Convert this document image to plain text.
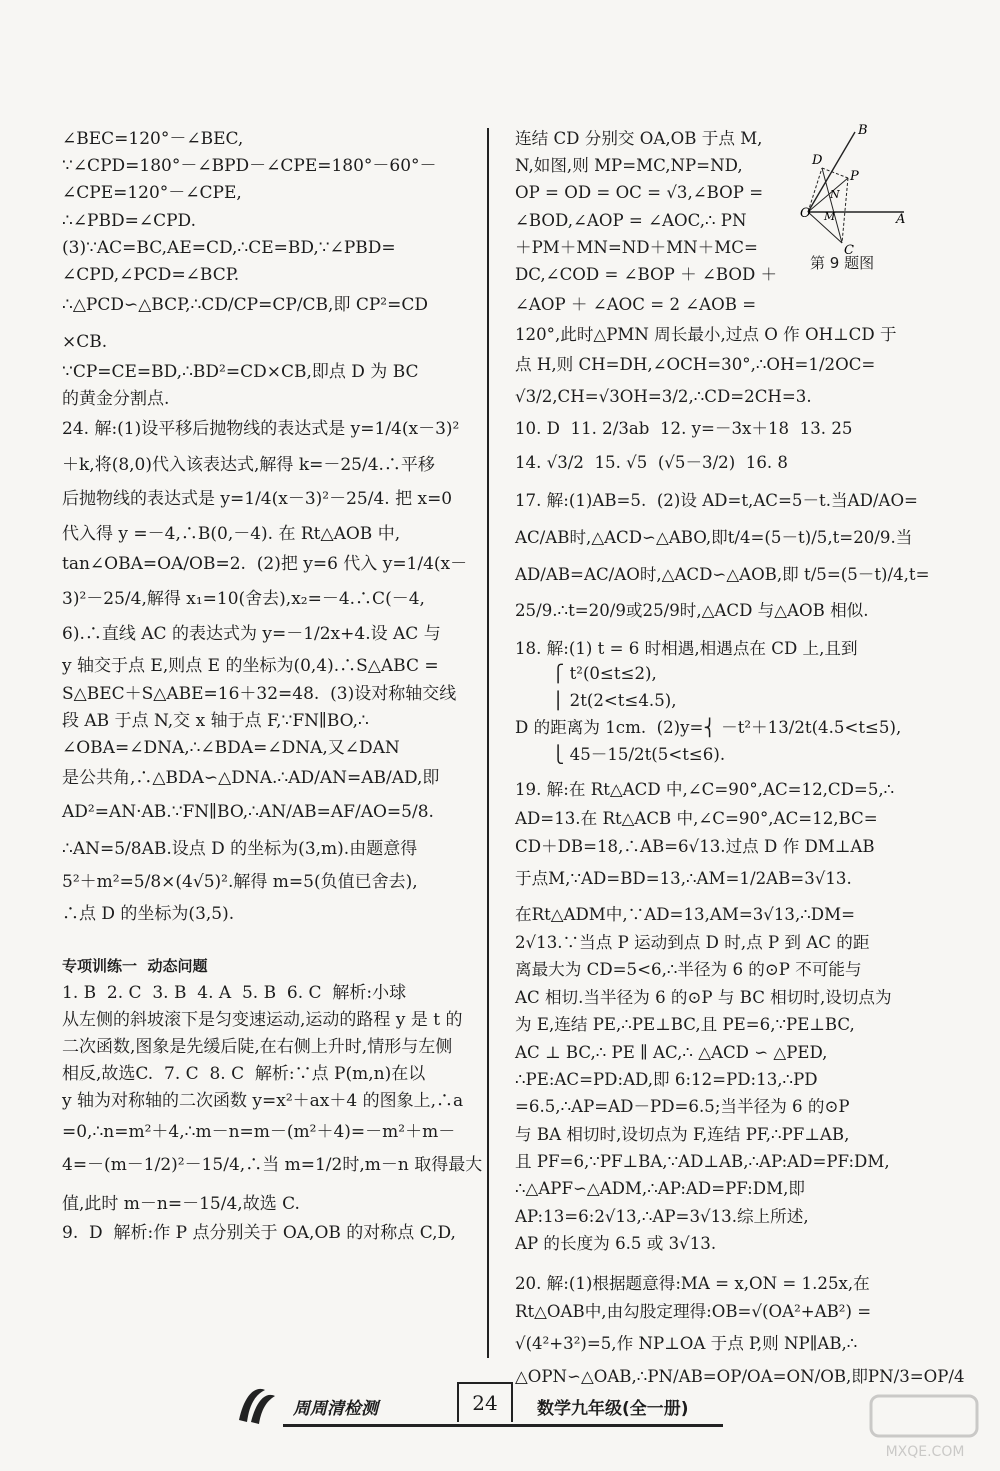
∠BEC=120°－∠BEC,
∵∠CPD=180°－∠BPD－∠CPE=180°－60°－
∠CPE=120°－∠CPE,
∴∠PBD=∠CPD.
(3)∵AC=BC,AE=CD,∴CE=BD,∵∠PBD=
∠CPD,∠PCD=∠BCP.
∴△PCD∽△BCP,∴CD/CP=CP/CB,即 CP²=CD
×CB.
∵CP=CE=BD,∴BD²=CD×CB,即点 D 为 BC
的黄金分割点.
24. 解:(1)设平移后抛物线的表达式是 y=1/4(x－3)²
＋k,将(8,0)代入该表达式,解得 k=－25/4.∴平移
后抛物线的表达式是 y=1/4(x－3)²－25/4. 把 x=0
代入得 y =－4,∴B(0,－4). 在 Rt△AOB 中,
tan∠OBA=OA/OB=2.  (2)把 y=6 代入 y=1/4(x－
3)²－25/4,解得 x₁=10(舍去),x₂=－4.∴C(－4,
6).∴直线 AC 的表达式为 y=－1/2x+4.设 AC 与
y 轴交于点 E,则点 E 的坐标为(0,4).∴S△ABC =
S△BEC＋S△ABE=16＋32=48.  (3)设对称轴交线
段 AB 于点 N,交 x 轴于点 F,∵FN∥BO,∴
∠OBA=∠DNA,∴∠BDA=∠DNA,又∠DAN
是公共角,∴△BDA∽△DNA.∴AD/AN=AB/AD,即
AD²=AN·AB.∵FN∥BO,∴AN/AB=AF/AO=5/8.
∴AN=5/8AB.设点 D 的坐标为(3,m).由题意得
5²＋m²=5/8×(4√5)².解得 m=5(负值已舍去),
∴点 D 的坐标为(3,5).
专项训练一  动态问题
1. B  2. C  3. B  4. A  5. B  6. C  解析:小球
从左侧的斜坡滚下是匀变速运动,运动的路程 y 是 t 的
二次函数,图象是先缓后陡,在右侧上升时,情形与左侧
相反,故选C.  7. C  8. C  解析:∵点 P(m,n)在以
y 轴为对称轴的二次函数 y=x²＋ax＋4 的图象上,∴a
=0,∴n=m²＋4,∴m－n=m－(m²＋4)=－m²＋m－
4=－(m－1/2)²－15/4,∴当 m=1/2时,m－n 取得最大
值,此时 m－n=－15/4,故选 C.
9.  D  解析:作 P 点分别关于 OA,OB 的对称点 C,D,
连结 CD 分别交 OA,OB 于点 M,
N,如图,则 MP=MC,NP=ND,
OP = OD = OC = √3,∠BOP =
∠BOD,∠AOP = ∠AOC,∴ PN
＋PM＋MN=ND＋MN＋MC=
DC,∠COD = ∠BOP ＋ ∠BOD ＋
∠AOP ＋ ∠AOC = 2 ∠AOB =
120°,此时△PMN 周长最小,过点 O 作 OH⊥CD 于
点 H,则 CH=DH,∠OCH=30°,∴OH=1/2OC=
√3/2,CH=√3OH=3/2,∴CD=2CH=3.
10. D  11. 2/3ab  12. y=－3x＋18  13. 25
14. √3/2  15. √5  (√5－3/2)  16. 8
17. 解:(1)AB=5.  (2)设 AD=t,AC=5－t.当AD/AO=
AC/AB时,△ACD∽△ABO,即t/4=(5－t)/5,t=20/9.当
AD/AB=AC/AO时,△ACD∽△AOB,即 t/5=(5－t)/4,t=
25/9.∴t=20/9或25/9时,△ACD 与△AOB 相似.
18. 解:(1) t = 6 时相遇,相遇点在 CD 上,且到
⎧ t²(0≤t≤2),
⎪ 2t(2<t≤4.5),
D 的距离为 1cm.  (2)y=⎨ －t²＋13/2t(4.5<t≤5),
⎩ 45－15/2t(5<t≤6).
19. 解:在 Rt△ACD 中,∠C=90°,AC=12,CD=5,∴
AD=13.在 Rt△ACB 中,∠C=90°,AC=12,BC=
CD＋DB=18,∴AB=6√13.过点 D 作 DM⊥AB
于点M,∵AD=BD=13,∴AM=1/2AB=3√13.
在Rt△ADM中,∵AD=13,AM=3√13,∴DM=
2√13.∵当点 P 运动到点 D 时,点 P 到 AC 的距
离最大为 CD=5<6,∴半径为 6 的⊙P 不可能与
AC 相切.当半径为 6 的⊙P 与 BC 相切时,设切点为
为 E,连结 PE,∴PE⊥BC,且 PE=6,∵PE⊥BC,
AC ⊥ BC,∴ PE ∥ AC,∴ △ACD ∽ △PED,
∴PE:AC=PD:AD,即 6:12=PD:13,∴PD
=6.5,∴AP=AD－PD=6.5;当半径为 6 的⊙P
与 BA 相切时,设切点为 F,连结 PF,∴PF⊥AB,
且 PF=6,∵PF⊥BA,∵AD⊥AB,∴AP:AD=PF:DM,
∴△APF∽△ADM,∴AP:AD=PF:DM,即
AP:13=6:2√13,∴AP=3√13.综上所述,
AP 的长度为 6.5 或 3√13.
20. 解:(1)根据题意得:MA = x,ON = 1.25x,在
Rt△OAB中,由勾股定理得:OB=√(OA²+AB²) =
√(4²+3²)=5,作 NP⊥OA 于点 P,则 NP∥AB,∴
△OPN∽△OAB,∴PN/AB=OP/OA=ON/OB,即PN/3=OP/4
B
D
P
O
N
M	A
C
第 9 题图
周周清检测	24	数学九年级(全一册)
MXQE.COM
